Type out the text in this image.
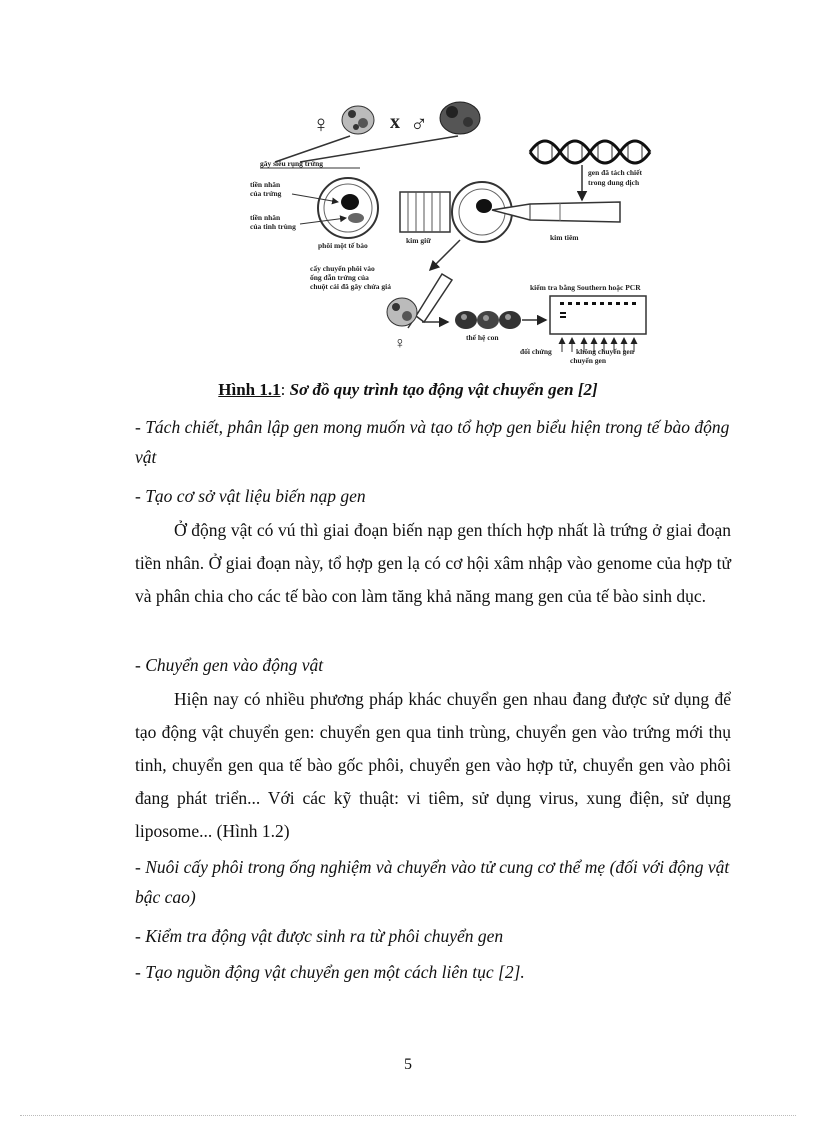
♀	x ♂
gây siêu rụng trứng
tiền nhân
của trứng
tiền nhân
của tinh trùng
phôi một tế bào
kim giữ	kim tiêm
gen đã tách chiết
trong dung dịch
cấy chuyển phôi vào
ống dẫn trứng của
chuột cái đã gây chửa giả
♀	thế hệ con
kiểm tra bằng Southern hoặc PCR
đối chứng	không chuyển gen
chuyển gen
Hình 1.1: Sơ đồ quy trình tạo động vật chuyển gen [2]
- Tách chiết, phân lập gen mong muốn và tạo tổ hợp gen biểu hiện trong tế bào động vật
- Tạo cơ sở vật liệu biến nạp gen
Ở động vật có vú thì giai đoạn biến nạp gen thích hợp nhất là trứng ở giai đoạn tiền nhân. Ở giai đoạn này, tổ hợp gen lạ có cơ hội xâm nhập vào genome của hợp tử và phân chia cho các tế bào con làm tăng khả năng mang gen của tế bào sinh dục.
- Chuyển gen vào động vật
Hiện nay có nhiều phương pháp khác chuyển gen nhau đang được sử dụng để tạo động vật chuyển gen: chuyển gen qua tinh trùng, chuyển gen vào trứng mới thụ tinh, chuyển gen qua tế bào gốc phôi, chuyển gen vào hợp tử, chuyển gen vào phôi đang phát triển... Với các kỹ thuật: vi tiêm, sử dụng virus, xung điện, sử dụng liposome... (Hình 1.2)
- Nuôi cấy phôi trong ống nghiệm và chuyển vào tử cung cơ thể mẹ (đối với động vật bậc cao)
- Kiểm tra động vật được sinh ra từ phôi chuyển gen
- Tạo nguồn động vật chuyển gen một cách liên tục [2].
5
